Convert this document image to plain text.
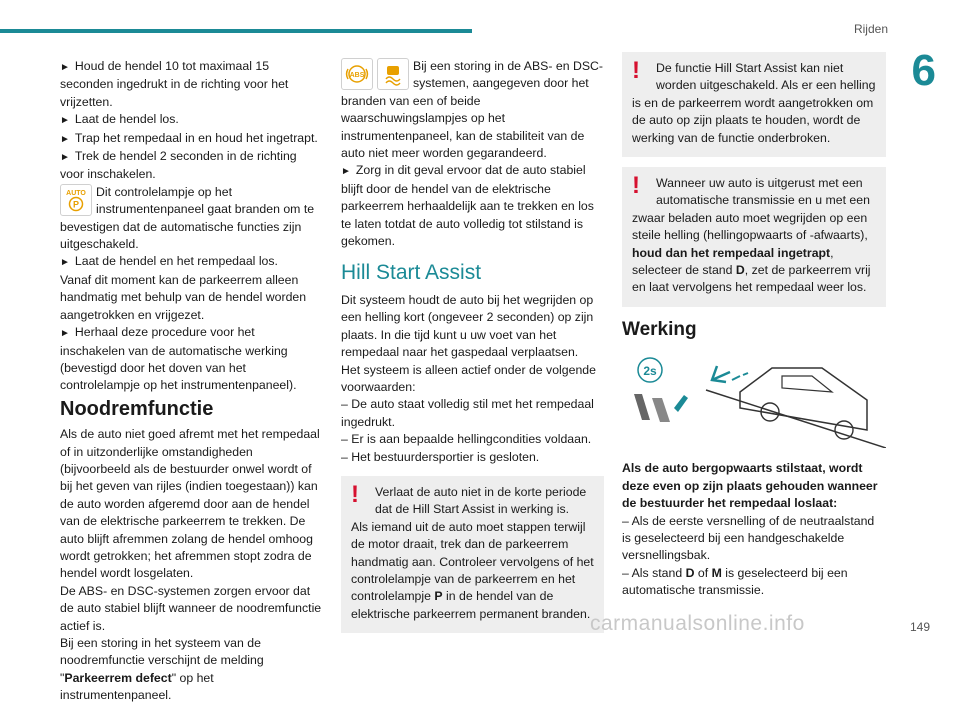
Rijden
6

► Houd de hendel 10 tot maximaal 15 seconden ingedrukt in de richting voor het vrijzetten.

► Laat de hendel los.

► Trap het rempedaal in en houd het ingetrapt.

► Trek de hendel 2 seconden in de richting voor inschakelen.

AUTO
P
Dit controlelampje op het instrumentenpaneel gaat branden om te bevestigen dat de automatische functies zijn uitgeschakeld.

► Laat de hendel en het rempedaal los.

Vanaf dit moment kan de parkeerrem alleen handmatig met behulp van de hendel worden aangetrokken en vrijgezet.

► Herhaal deze procedure voor het inschakelen van de automatische werking (bevestigd door het doven van het controlelampje op het instrumentenpaneel).

Noodremfunctie

Als de auto niet goed afremt met het rempedaal of in uitzonderlijke omstandigheden (bijvoorbeeld als de bestuurder onwel wordt of bij het geven van rijles (indien toegestaan)) kan de auto worden afgeremd door aan de hendel van de elektrische parkeerrem te trekken. De auto blijft afremmen zolang de hendel omhoog wordt getrokken; het afremmen stopt zodra de hendel wordt losgelaten.

De ABS- en DSC-systemen zorgen ervoor dat de auto stabiel blijft wanneer de noodremfunctie actief is.

Bij een storing in het systeem van de noodremfunctie verschijnt de melding "Parkeerrem defect" op het instrumentenpaneel.

ABS
Bij een storing in de ABS- en DSC-systemen, aangegeven door het branden van een of beide waarschuwingslampjes op het instrumentenpaneel, kan de stabiliteit van de auto niet meer worden gegarandeerd.

► Zorg in dit geval ervoor dat de auto stabiel blijft door de hendel van de elektrische parkeerrem herhaaldelijk aan te trekken en los te laten totdat de auto volledig tot stilstand is gekomen.

Hill Start Assist

Dit systeem houdt de auto bij het wegrijden op een helling kort (ongeveer 2 seconden) op zijn plaats. In die tijd kunt u uw voet van het rempedaal naar het gaspedaal verplaatsen.

Het systeem is alleen actief onder de volgende voorwaarden:

– De auto staat volledig stil met het rempedaal ingedrukt.

– Er is aan bepaalde hellingcondities voldaan.

– Het bestuurdersportier is gesloten.

!	Verlaat de auto niet in de korte periode dat de Hill Start Assist in werking is.
Als iemand uit de auto moet stappen terwijl de motor draait, trek dan de parkeerrem handmatig aan. Controleer vervolgens of het controlelampje van de parkeerrem en het controlelampje P in de hendel van de elektrische parkeerrem permanent branden.
!	De functie Hill Start Assist kan niet worden uitgeschakeld. Als er een helling is en de parkeerrem wordt aangetrokken om de auto op zijn plaats te houden, wordt de werking van de functie onderbroken.
!	Wanneer uw auto is uitgerust met een automatische transmissie en u met een zwaar beladen auto moet wegrijden op een steile helling (hellingopwaarts of -afwaarts), houd dan het rempedaal ingetrapt, selecteer de stand D, zet de parkeerrem vrij en laat vervolgens het rempedaal weer los.
Werking
2s

Als de auto bergopwaarts stilstaat, wordt deze even op zijn plaats gehouden wanneer de bestuurder het rempedaal loslaat:

– Als de eerste versnelling of de neutraalstand is geselecteerd bij een handgeschakelde versnellingsbak.

– Als stand D of M is geselecteerd bij een automatische transmissie.

carmanualsonline.info	149
